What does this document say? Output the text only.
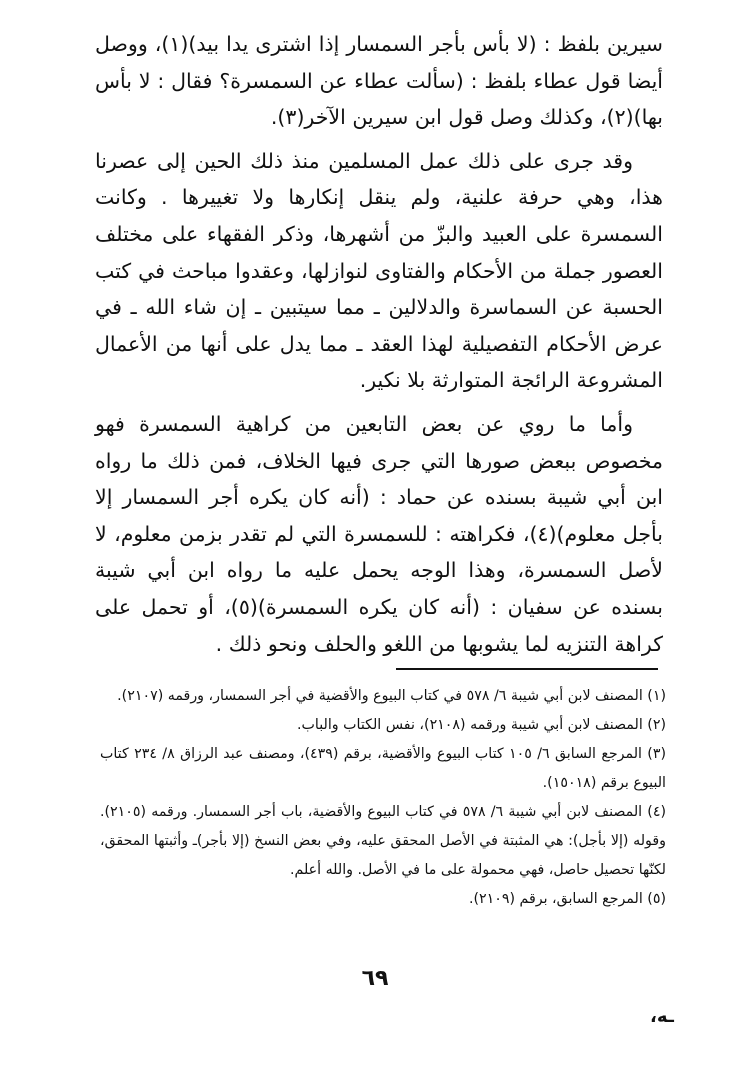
سيرين بلفظ : (لا بأس بأجر السمسار إذا اشترى يدا بيد)(١)، ووصل أيضا قول عطاء بلفظ : (سألت عطاء عن السمسرة؟ فقال : لا بأس بها)(٢)، وكذلك وصل قول ابن سيرين الآخر(٣).

وقد جرى على ذلك عمل المسلمين منذ ذلك الحين إلى عصرنا هذا، وهي حرفة علنية، ولم ينقل إنكارها ولا تغييرها . وكانت السمسرة على العبيد والبزّ من أشهرها، وذكر الفقهاء على مختلف العصور جملة من الأحكام والفتاوى لنوازلها، وعقدوا مباحث في كتب الحسبة عن السماسرة والدلالين ـ مما سيتبين ـ إن شاء الله ـ في عرض الأحكام التفصيلية لهذا العقد ـ مما يدل على أنها من الأعمال المشروعة الرائجة المتوارثة بلا نكير.

وأما ما روي عن بعض التابعين من كراهية السمسرة فهو مخصوص ببعض صورها التي جرى فيها الخلاف، فمن ذلك ما رواه ابن أبي شيبة بسنده عن حماد : (أنه كان يكره أجر السمسار إلا بأجل معلوم)(٤)، فكراهته : للسمسرة التي لم تقدر بزمن معلوم، لا لأصل السمسرة، وهذا الوجه يحمل عليه ما رواه ابن أبي شيبة بسنده عن سفيان : (أنه كان يكره السمسرة)(٥)، أو تحمل على كراهة التنزيه لما يشوبها من اللغو والحلف ونحو ذلك .

(١) المصنف لابن أبي شيبة ٦/ ٥٧٨ في كتاب البيوع والأقضية في أجر السمسار، ورقمه (٢١٠٧).
(٢) المصنف لابن أبي شيبة ورقمه (٢١٠٨)، نفس الكتاب والباب.
(٣) المرجع السابق ٦/ ١٠٥ كتاب البيوع والأقضية، برقم (٤٣٩)، ومصنف عبد الرزاق ٨/ ٢٣٤ كتاب البيوع برقم (١٥٠١٨).
(٤) المصنف لابن أبي شيبة ٦/ ٥٧٨ في كتاب البيوع والأقضية، باب أجر السمسار. ورقمه (٢١٠٥). وقوله (إلا بأجل): هي المثبتة في الأصل المحقق عليه، وفي بعض النسخ (إلا بأجر)ـ وأثبتها المحقق، لكنّها تحصيل حاصل، فهي محمولة على ما في الأصل. والله أعلم.
(٥) المرجع السابق، برقم (٢١٠٩).
٦٩
ـه،
